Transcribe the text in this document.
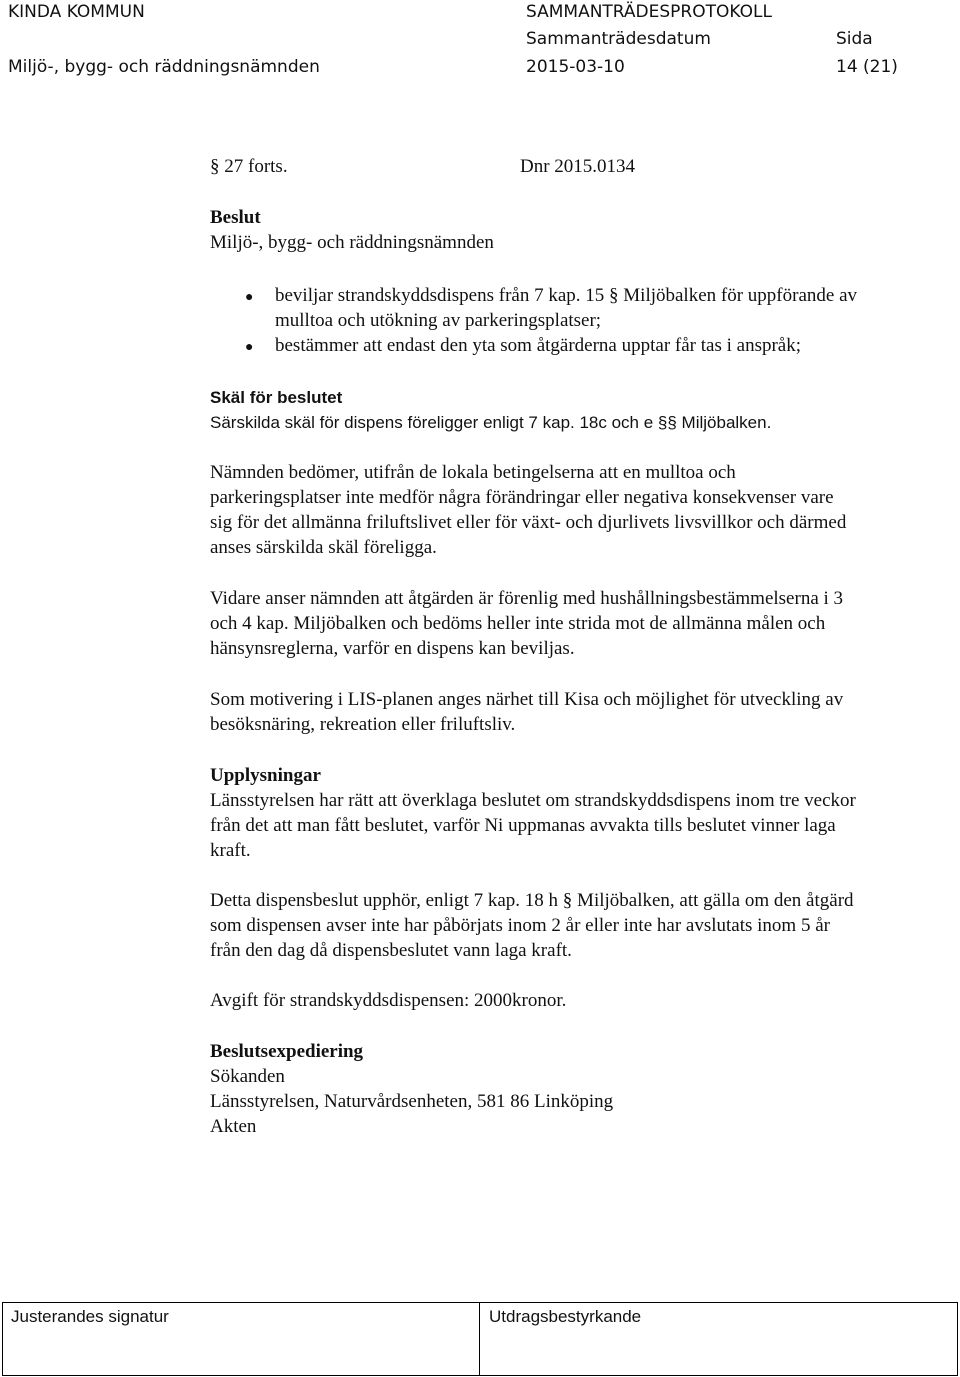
KINDA KOMMUN	SAMMANTRÄDESPROTOKOLL
Sammanträdesdatum	Sida
Miljö-, bygg- och räddningsnämnden	2015-03-10	14 (21)
§ 27 forts.	Dnr 2015.0134
Beslut
Miljö-, bygg- och räddningsnämnden
● beviljar strandskyddsdispens från 7 kap. 15 § Miljöbalken för uppförande av
mulltoa och utökning av parkeringsplatser;
● bestämmer att endast den yta som åtgärderna upptar får tas i anspråk;
Skäl för beslutet
Särskilda skäl för dispens föreligger enligt 7 kap. 18c och e §§ Miljöbalken.
Nämnden bedömer, utifrån de lokala betingelserna att en mulltoa och
parkeringsplatser inte medför några förändringar eller negativa konsekvenser vare
sig för det allmänna friluftslivet eller för växt- och djurlivets livsvillkor och därmed
anses särskilda skäl föreligga.
Vidare anser nämnden att åtgärden är förenlig med hushållningsbestämmelserna i 3
och 4 kap. Miljöbalken och bedöms heller inte strida mot de allmänna målen och
hänsynsreglerna, varför en dispens kan beviljas.
Som motivering i LIS-planen anges närhet till Kisa och möjlighet för utveckling av
besöksnäring, rekreation eller friluftsliv.
Upplysningar
Länsstyrelsen har rätt att överklaga beslutet om strandskyddsdispens inom tre veckor
från det att man fått beslutet, varför Ni uppmanas avvakta tills beslutet vinner laga
kraft.
Detta dispensbeslut upphör, enligt 7 kap. 18 h § Miljöbalken, att gälla om den åtgärd
som dispensen avser inte har påbörjats inom 2 år eller inte har avslutats inom 5 år
från den dag då dispensbeslutet vann laga kraft.
Avgift för strandskyddsdispensen: 2000kronor.
Beslutsexpediering
Sökanden
Länsstyrelsen, Naturvårdsenheten, 581 86 Linköping
Akten
Justerandes signatur	Utdragsbestyrkande
